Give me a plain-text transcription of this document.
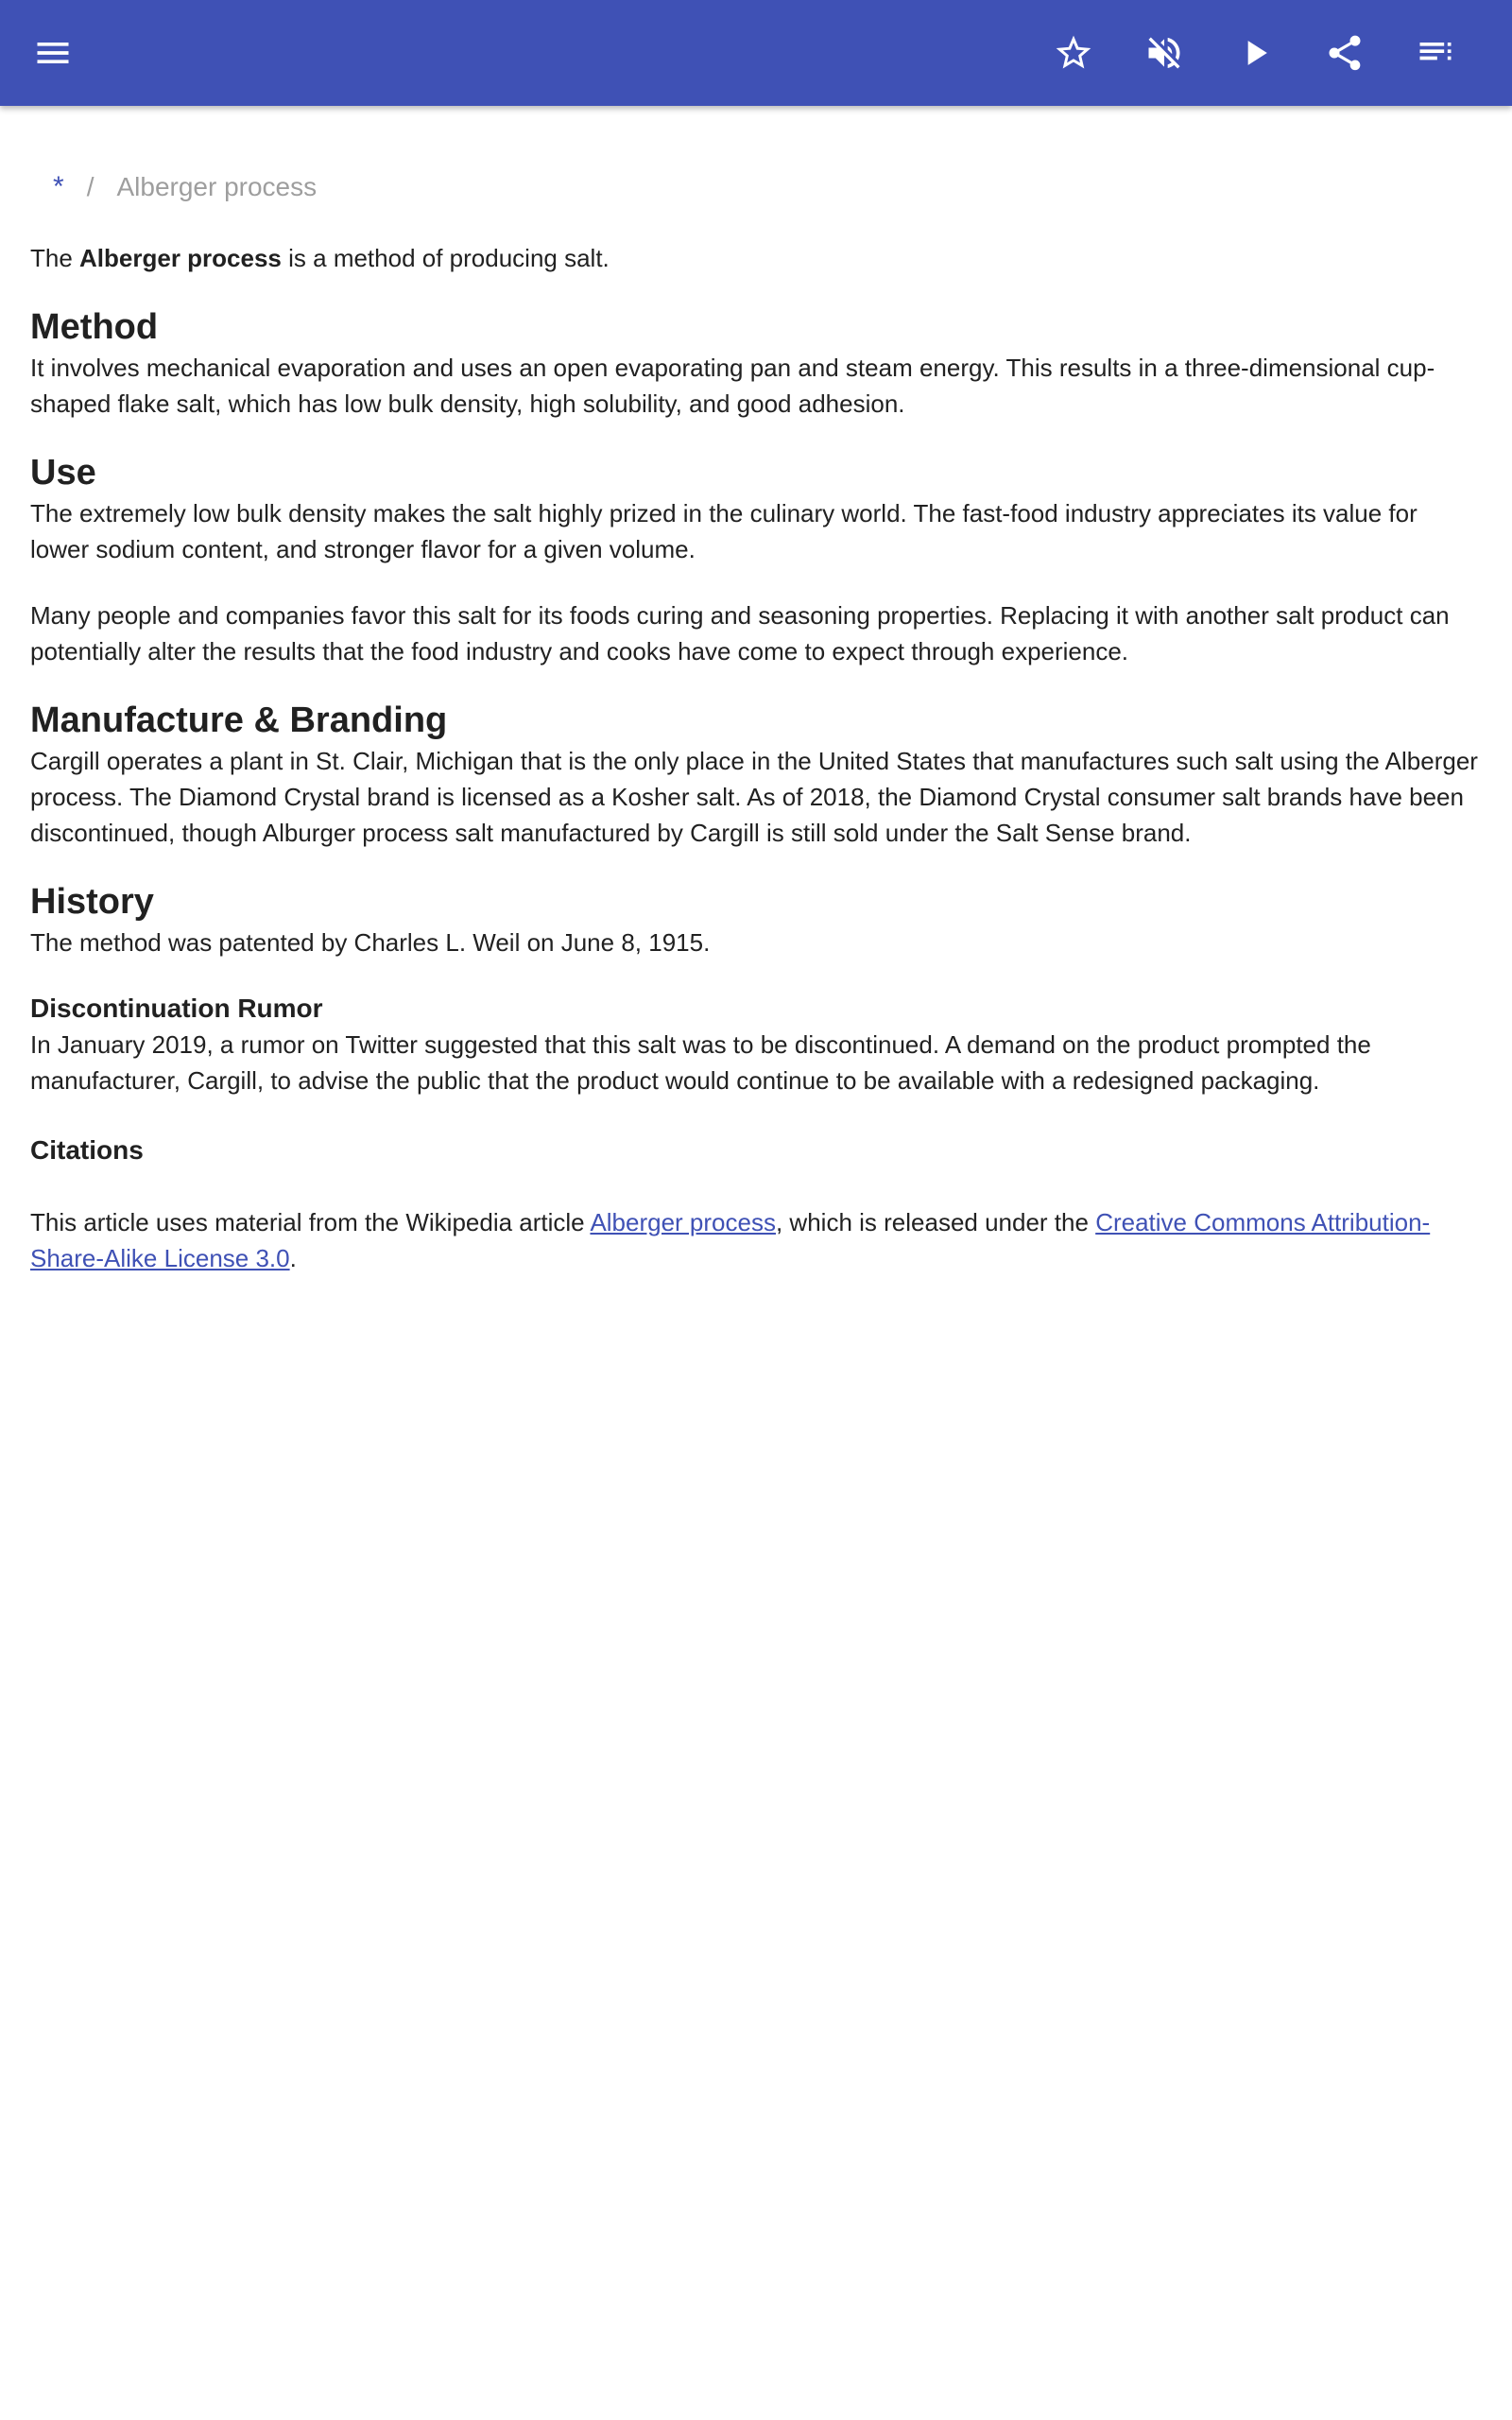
* / Alberger process

The Alberger process is a method of producing salt.

Method

It involves mechanical evaporation and uses an open evaporating pan and steam energy. This results in a three-dimensional cup-shaped flake salt, which has low bulk density, high solubility, and good adhesion.

Use

The extremely low bulk density makes the salt highly prized in the culinary world. The fast-food industry appreciates its value for lower sodium content, and stronger flavor for a given volume.

Many people and companies favor this salt for its foods curing and seasoning properties. Replacing it with another salt product can potentially alter the results that the food industry and cooks have come to expect through experience.

Manufacture & Branding

Cargill operates a plant in St. Clair, Michigan that is the only place in the United States that manufactures such salt using the Alberger process. The Diamond Crystal brand is licensed as a Kosher salt. As of 2018, the Diamond Crystal consumer salt brands have been discontinued, though Alburger process salt manufactured by Cargill is still sold under the Salt Sense brand.

History

The method was patented by Charles L. Weil on June 8, 1915.

Discontinuation Rumor

In January 2019, a rumor on Twitter suggested that this salt was to be discontinued. A demand on the product prompted the manufacturer, Cargill, to advise the public that the product would continue to be available with a redesigned packaging.

Citations

This article uses material from the Wikipedia article Alberger process, which is released under the Creative Commons Attribution-Share-Alike License 3.0.
